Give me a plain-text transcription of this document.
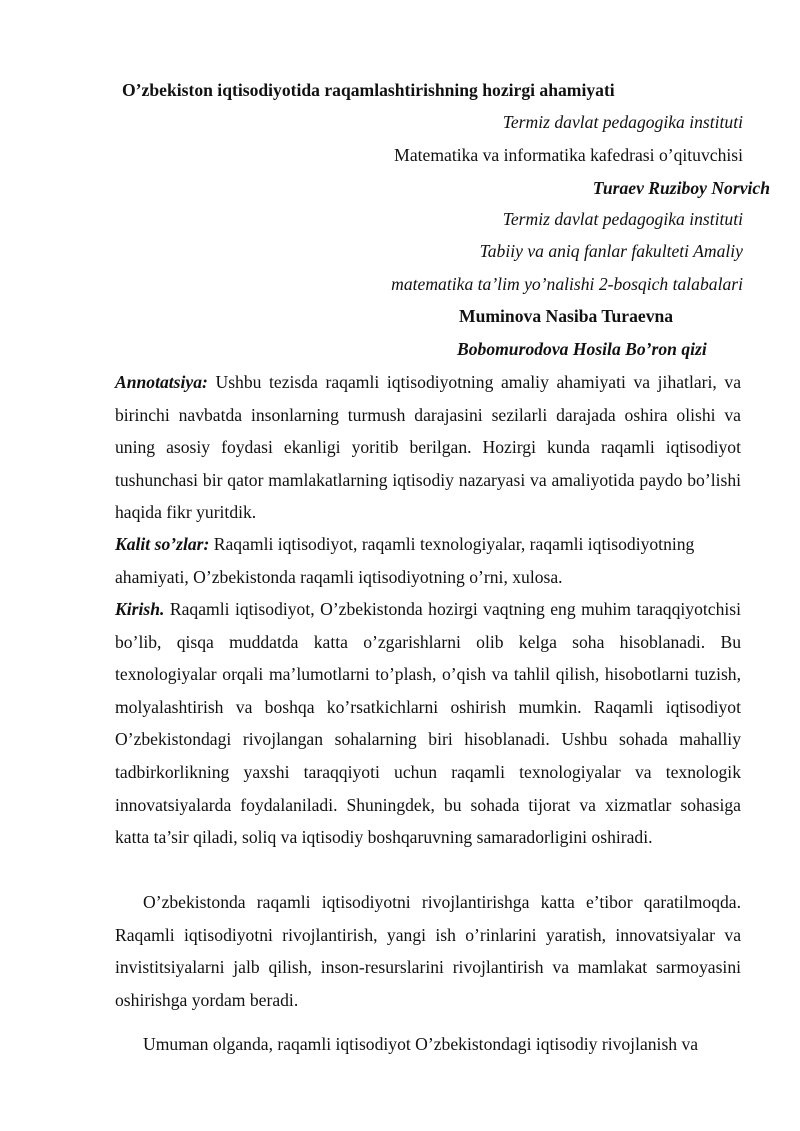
O’zbekiston iqtisodiyotida raqamlashtirishning hozirgi ahamiyati
Termiz davlat pedagogika instituti
Matematika va informatika kafedrasi o’qituvchisi
Turaev Ruziboy Norvich
Termiz davlat pedagogika instituti
Tabiiy va aniq fanlar fakulteti Amaliy
matematika ta’lim yo’nalishi 2-bosqich talabalari
Muminova Nasiba Turaevna
Bobomurodova Hosila Bo’ron qizi
Annotatsiya: Ushbu tezisda raqamli iqtisodiyotning amaliy ahamiyati va jihatlari, va birinchi navbatda insonlarning turmush darajasini sezilarli darajada oshira olishi va uning asosiy foydasi ekanligi yoritib berilgan. Hozirgi kunda raqamli iqtisodiyot tushunchasi bir qator mamlakatlarning iqtisodiy nazaryasi va amaliyotida paydo bo’lishi haqida fikr yuritdik.
Kalit so’zlar: Raqamli iqtisodiyot, raqamli texnologiyalar, raqamli iqtisodiyotning ahamiyati, O’zbekistonda raqamli iqtisodiyotning o’rni, xulosa.
Kirish. Raqamli iqtisodiyot, O’zbekistonda hozirgi vaqtning eng muhim taraqqiyotchisi bo’lib, qisqa muddatda katta o’zgarishlarni olib kelga soha hisoblanadi. Bu texnologiyalar orqali ma’lumotlarni to’plash, o’qish va tahlil qilish, hisobotlarni tuzish, molyalashtirish va boshqa ko’rsatkichlarni oshirish mumkin. Raqamli iqtisodiyot O’zbekistondagi rivojlangan sohalarning biri hisoblanadi. Ushbu sohada mahalliy tadbirkorlikning yaxshi taraqqiyoti uchun raqamli texnologiyalar va texnologik innovatsiyalarda foydalaniladi. Shuningdek, bu sohada tijorat va xizmatlar sohasiga katta ta’sir qiladi, soliq va iqtisodiy boshqaruvning samaradorligini oshiradi.
O’zbekistonda raqamli iqtisodiyotni rivojlantirishga katta e’tibor qaratilmoqda. Raqamli iqtisodiyotni rivojlantirish, yangi ish o’rinlarini yaratish, innovatsiyalar va invistitsiyalarni jalb qilish, inson-resurslarini rivojlantirish va mamlakat sarmoyasini oshirishga yordam beradi.
Umuman olganda, raqamli iqtisodiyot O’zbekistondagi iqtisodiy rivojlanish va
